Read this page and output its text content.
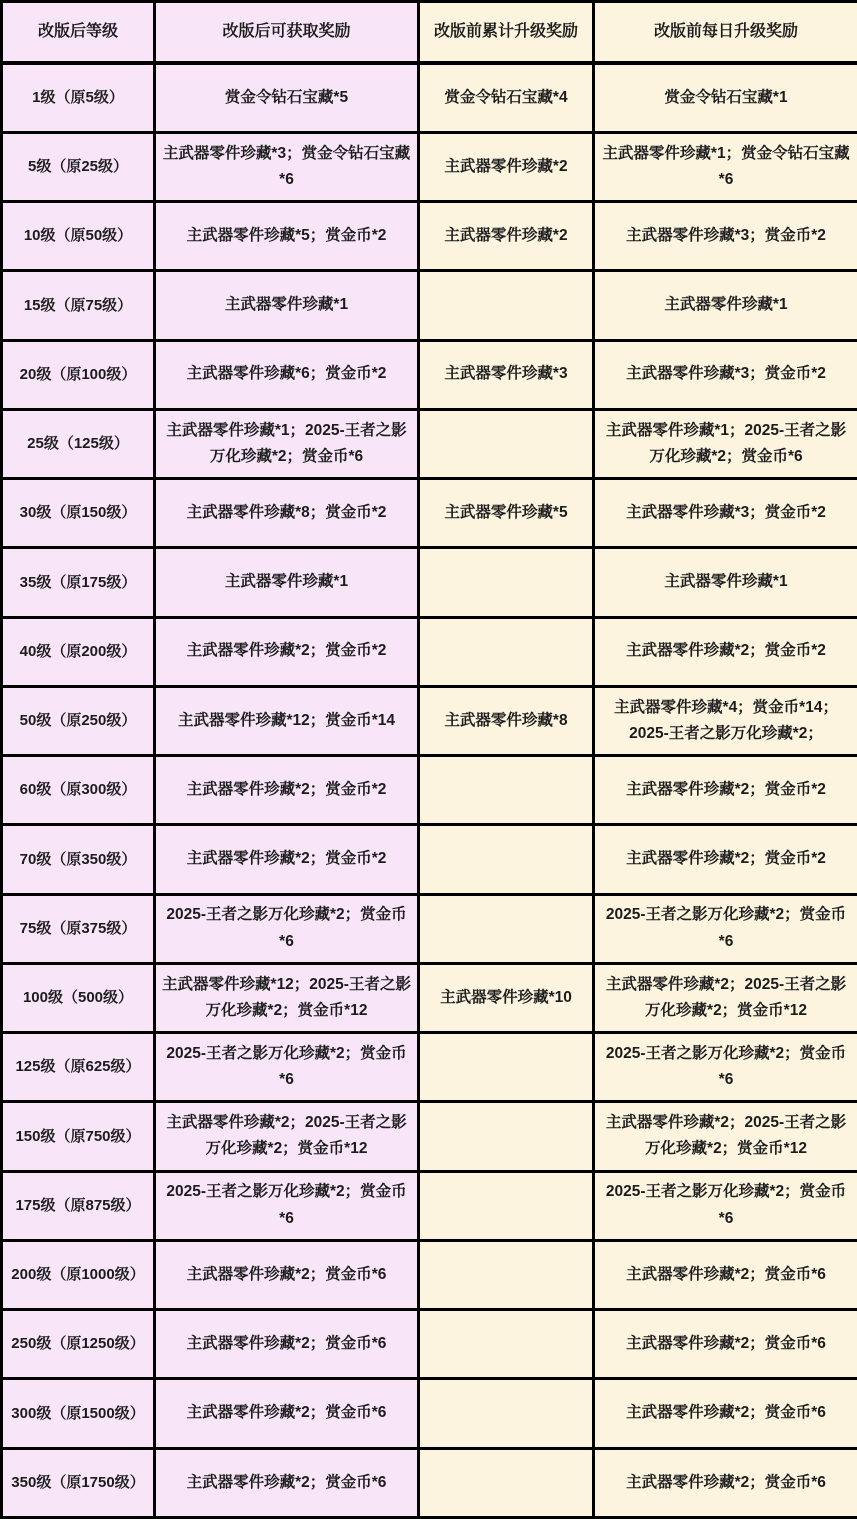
改版后等级	改版后可获取奖励	改版前累计升级奖励	改版前每日升级奖励
1级（原5级）	赏金令钻石宝藏*5	赏金令钻石宝藏*4	赏金令钻石宝藏*1
5级（原25级）	主武器零件珍藏*3；赏金令钻石宝藏*6	主武器零件珍藏*2	主武器零件珍藏*1；赏金令钻石宝藏*6
10级（原50级）	主武器零件珍藏*5；赏金币*2	主武器零件珍藏*2	主武器零件珍藏*3；赏金币*2
15级（原75级）	主武器零件珍藏*1		主武器零件珍藏*1
20级（原100级）	主武器零件珍藏*6；赏金币*2	主武器零件珍藏*3	主武器零件珍藏*3；赏金币*2
25级（125级）	主武器零件珍藏*1；2025-王者之影万化珍藏*2；赏金币*6		主武器零件珍藏*1；2025-王者之影万化珍藏*2；赏金币*6
30级（原150级）	主武器零件珍藏*8；赏金币*2	主武器零件珍藏*5	主武器零件珍藏*3；赏金币*2
35级（原175级）	主武器零件珍藏*1		主武器零件珍藏*1
40级（原200级）	主武器零件珍藏*2；赏金币*2		主武器零件珍藏*2；赏金币*2
50级（原250级）	主武器零件珍藏*12；赏金币*14	主武器零件珍藏*8	主武器零件珍藏*4；赏金币*14；2025-王者之影万化珍藏*2；
60级（原300级）	主武器零件珍藏*2；赏金币*2		主武器零件珍藏*2；赏金币*2
70级（原350级）	主武器零件珍藏*2；赏金币*2		主武器零件珍藏*2；赏金币*2
75级（原375级）	2025-王者之影万化珍藏*2；赏金币*6		2025-王者之影万化珍藏*2；赏金币*6
100级（500级）	主武器零件珍藏*12；2025-王者之影万化珍藏*2；赏金币*12	主武器零件珍藏*10	主武器零件珍藏*2；2025-王者之影万化珍藏*2；赏金币*12
125级（原625级）	2025-王者之影万化珍藏*2；赏金币*6		2025-王者之影万化珍藏*2；赏金币*6
150级（原750级）	主武器零件珍藏*2；2025-王者之影万化珍藏*2；赏金币*12		主武器零件珍藏*2；2025-王者之影万化珍藏*2；赏金币*12
175级（原875级）	2025-王者之影万化珍藏*2；赏金币*6		2025-王者之影万化珍藏*2；赏金币*6
200级（原1000级）	主武器零件珍藏*2；赏金币*6		主武器零件珍藏*2；赏金币*6
250级（原1250级）	主武器零件珍藏*2；赏金币*6		主武器零件珍藏*2；赏金币*6
300级（原1500级）	主武器零件珍藏*2；赏金币*6		主武器零件珍藏*2；赏金币*6
350级（原1750级）	主武器零件珍藏*2；赏金币*6		主武器零件珍藏*2；赏金币*6
